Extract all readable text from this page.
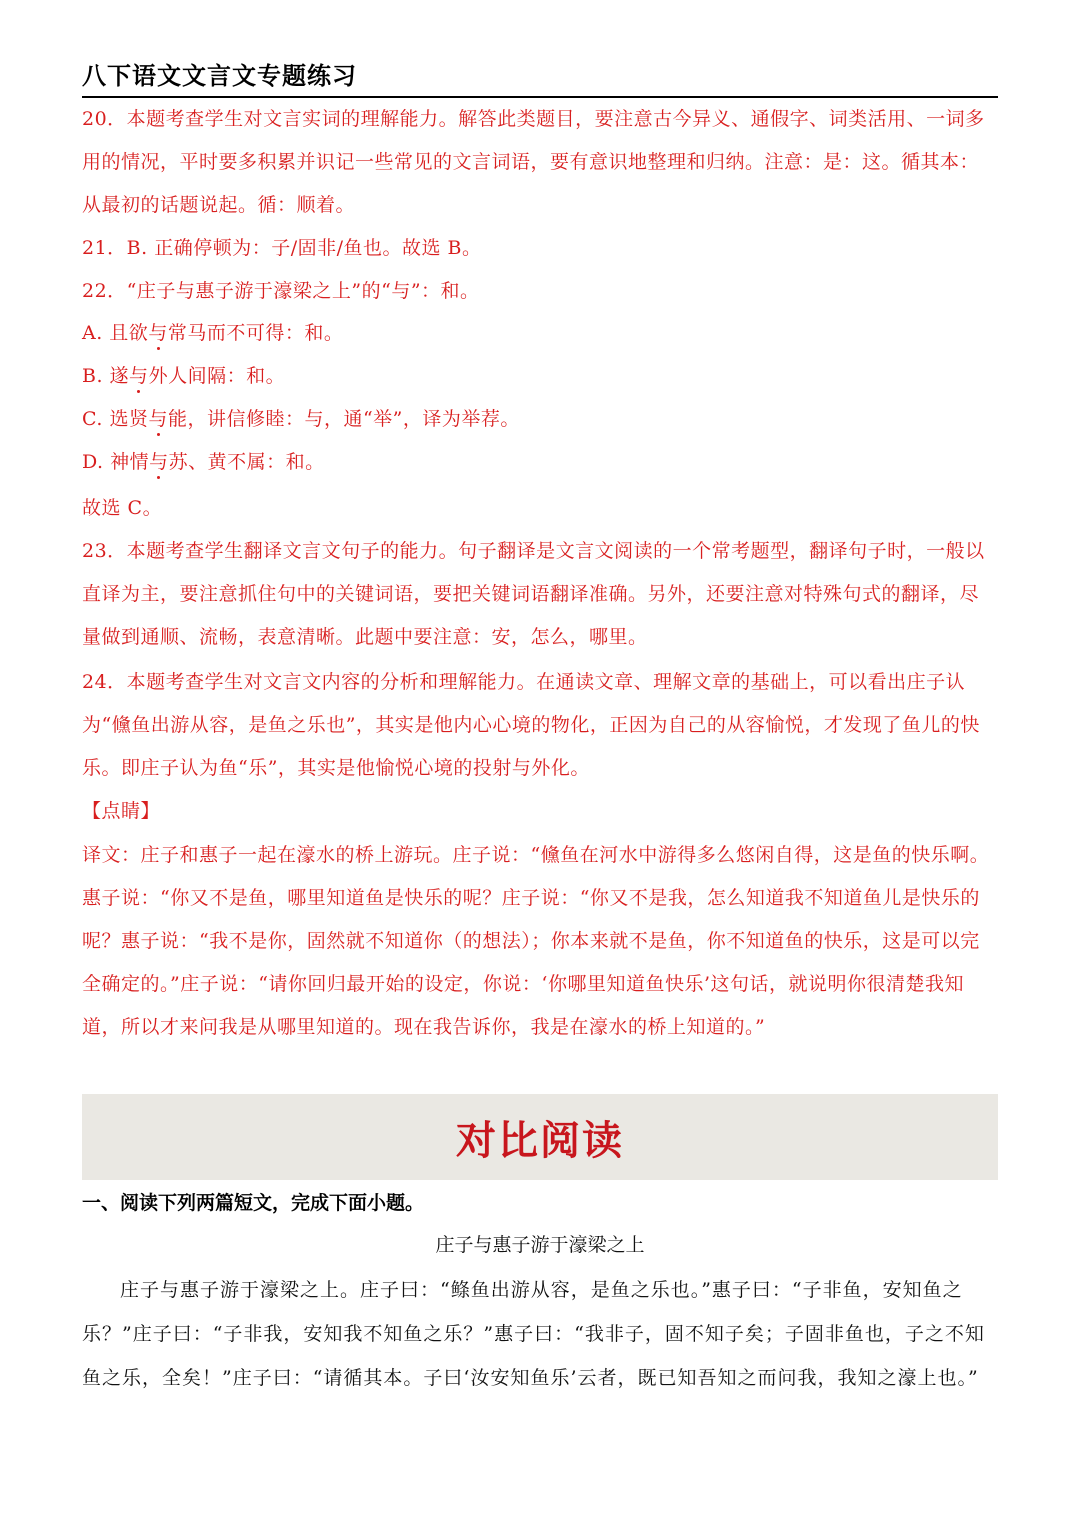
八下语文文言文专题练习

20．本题考查学生对文言实词的理解能力。解答此类题目，要注意古今异义、通假字、词类活用、一词多用的情况，平时要多积累并识记一些常见的文言词语，要有意识地整理和归纳。注意：是：这。循其本：从最初的话题说起。循：顺着。

21．B. 正确停顿为：子/固非/鱼也。故选 B。

22．“庄子与惠子游于濠梁之上”的“与”：和。

A. 且欲与常马而不可得：和。

B. 遂与外人间隔：和。

C. 选贤与能，讲信修睦：与，通“举”，译为举荐。

D. 神情与苏、黄不属：和。

故选 C。

23．本题考查学生翻译文言文句子的能力。句子翻译是文言文阅读的一个常考题型，翻译句子时，一般以直译为主，要注意抓住句中的关键词语，要把关键词语翻译准确。另外，还要注意对特殊句式的翻译，尽量做到通顺、流畅，表意清晰。此题中要注意：安，怎么，哪里。

24．本题考查学生对文言文内容的分析和理解能力。在通读文章、理解文章的基础上，可以看出庄子认为“儵鱼出游从容，是鱼之乐也”，其实是他内心心境的物化，正因为自己的从容愉悦，才发现了鱼儿的快乐。即庄子认为鱼“乐”，其实是他愉悦心境的投射与外化。

【点睛】

译文：庄子和惠子一起在濠水的桥上游玩。庄子说：“儵鱼在河水中游得多么悠闲自得，这是鱼的快乐啊。惠子说：“你又不是鱼，哪里知道鱼是快乐的呢？庄子说：“你又不是我，怎么知道我不知道鱼儿是快乐的呢？惠子说：“我不是你，固然就不知道你（的想法）；你本来就不是鱼，你不知道鱼的快乐，这是可以完全确定的。”庄子说：“请你回归最开始的设定，你说：‘你哪里知道鱼快乐’这句话，就说明你很清楚我知道，所以才来问我是从哪里知道的。现在我告诉你，我是在濠水的桥上知道的。”

对比阅读
一、阅读下列两篇短文，完成下面小题。
庄子与惠子游于濠梁之上

庄子与惠子游于濠梁之上。庄子曰：“鲦鱼出游从容，是鱼之乐也。”惠子曰：“子非鱼，安知鱼之乐？”庄子曰：“子非我，安知我不知鱼之乐？”惠子曰：“我非子，固不知子矣；子固非鱼也，子之不知鱼之乐，全矣！”庄子曰：“请循其本。子曰‘汝安知鱼乐’云者，既已知吾知之而问我，我知之濠上也。”
